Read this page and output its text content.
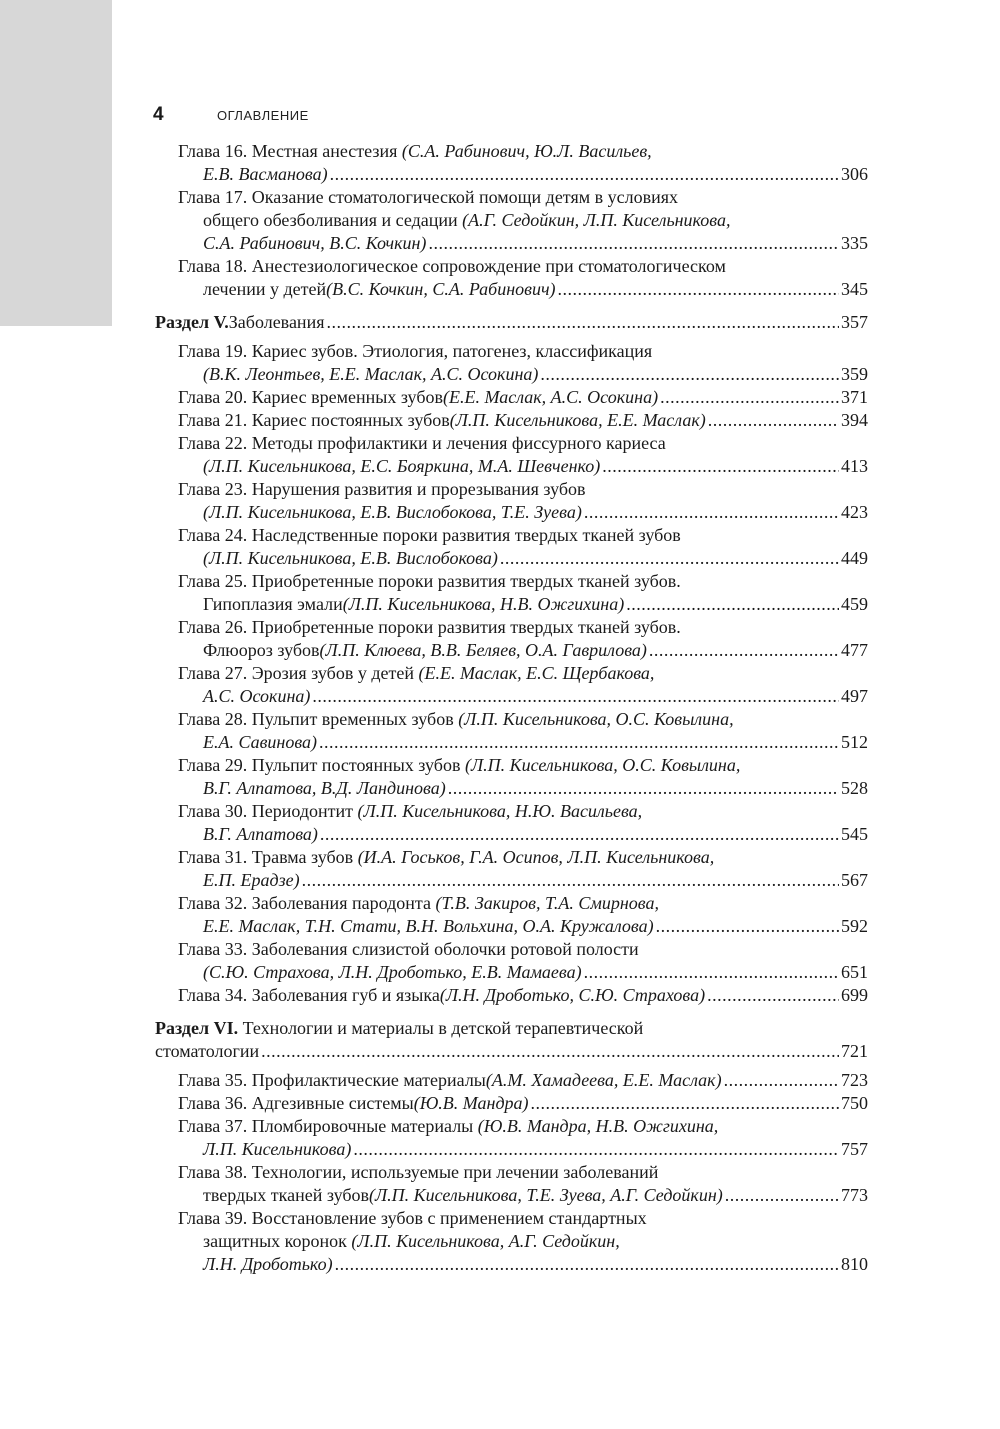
4	ОГЛАВЛЕНИЕ
Глава 16. Местная анестезия (С.А. Рабинович, Ю.Л. Васильев,
Е.В. Васманова) .....	306
Глава 17. Оказание стоматологической помощи детям в условиях
общего обезболивания и седации (А.Г. Седойкин, Л.П. Кисельникова,
С.А. Рабинович, В.С. Кочкин) .....	335
Глава 18. Анестезиологическое сопровождение при стоматологическом
лечении у детей (В.С. Кочкин, С.А. Рабинович) .....	345
Раздел V. Заболевания .....	357
Глава 19. Кариес зубов. Этиология, патогенез, классификация
(В.К. Леонтьев, Е.Е. Маслак, А.С. Осокина) .....	359
Глава 20. Кариес временных зубов (Е.Е. Маслак, А.С. Осокина) .....	371
Глава 21. Кариес постоянных зубов (Л.П. Кисельникова, Е.Е. Маслак) .....	394
Глава 22. Методы профилактики и лечения фиссурного кариеса
(Л.П. Кисельникова, Е.С. Бояркина, М.А. Шевченко) .....	413
Глава 23. Нарушения развития и прорезывания зубов
(Л.П. Кисельникова, Е.В. Вислобокова, Т.Е. Зуева) .....	423
Глава 24. Наследственные пороки развития твердых тканей зубов
(Л.П. Кисельникова, Е.В. Вислобокова) .....	449
Глава 25. Приобретенные пороки развития твердых тканей зубов.
Гипоплазия эмали (Л.П. Кисельникова, Н.В. Ожгихина) .....	459
Глава 26. Приобретенные пороки развития твердых тканей зубов.
Флюороз зубов (Л.П. Клюева, В.В. Беляев, О.А. Гаврилова) .....	477
Глава 27. Эрозия зубов у детей (Е.Е. Маслак, Е.С. Щербакова,
А.С. Осокина) .....	497
Глава 28. Пульпит временных зубов (Л.П. Кисельникова, О.С. Ковылина,
Е.А. Савинова) .....	512
Глава 29. Пульпит постоянных зубов (Л.П. Кисельникова, О.С. Ковылина,
В.Г. Алпатова, В.Д. Ландинова) .....	528
Глава 30. Периодонтит (Л.П. Кисельникова, Н.Ю. Васильева,
В.Г. Алпатова) .....	545
Глава 31. Травма зубов (И.А. Госьков, Г.А. Осипов, Л.П. Кисельникова,
Е.П. Ерадзе) .....	567
Глава 32. Заболевания пародонта (Т.В. Закиров, Т.А. Смирнова,
Е.Е. Маслак, Т.Н. Стати, В.Н. Вольхина, О.А. Кружалова) .....	592
Глава 33. Заболевания слизистой оболочки ротовой полости
(С.Ю. Страхова, Л.Н. Дроботько, Е.В. Мамаева) .....	651
Глава 34. Заболевания губ и языка (Л.Н. Дроботько, С.Ю. Страхова) .....	699
Раздел VI. Технологии и материалы в детской терапевтической
стоматологии .....	721
Глава 35. Профилактические материалы (А.М. Хамадеева, Е.Е. Маслак) .....	723
Глава 36. Адгезивные системы (Ю.В. Мандра) .....	750
Глава 37. Пломбировочные материалы (Ю.В. Мандра, Н.В. Ожгихина,
Л.П. Кисельникова) .....	757
Глава 38. Технологии, используемые при лечении заболеваний
твердых тканей зубов (Л.П. Кисельникова, Т.Е. Зуева, А.Г. Седойкин) .....	773
Глава 39. Восстановление зубов с применением стандартных
защитных коронок (Л.П. Кисельникова, А.Г. Седойкин,
Л.Н. Дроботько) .....	810
